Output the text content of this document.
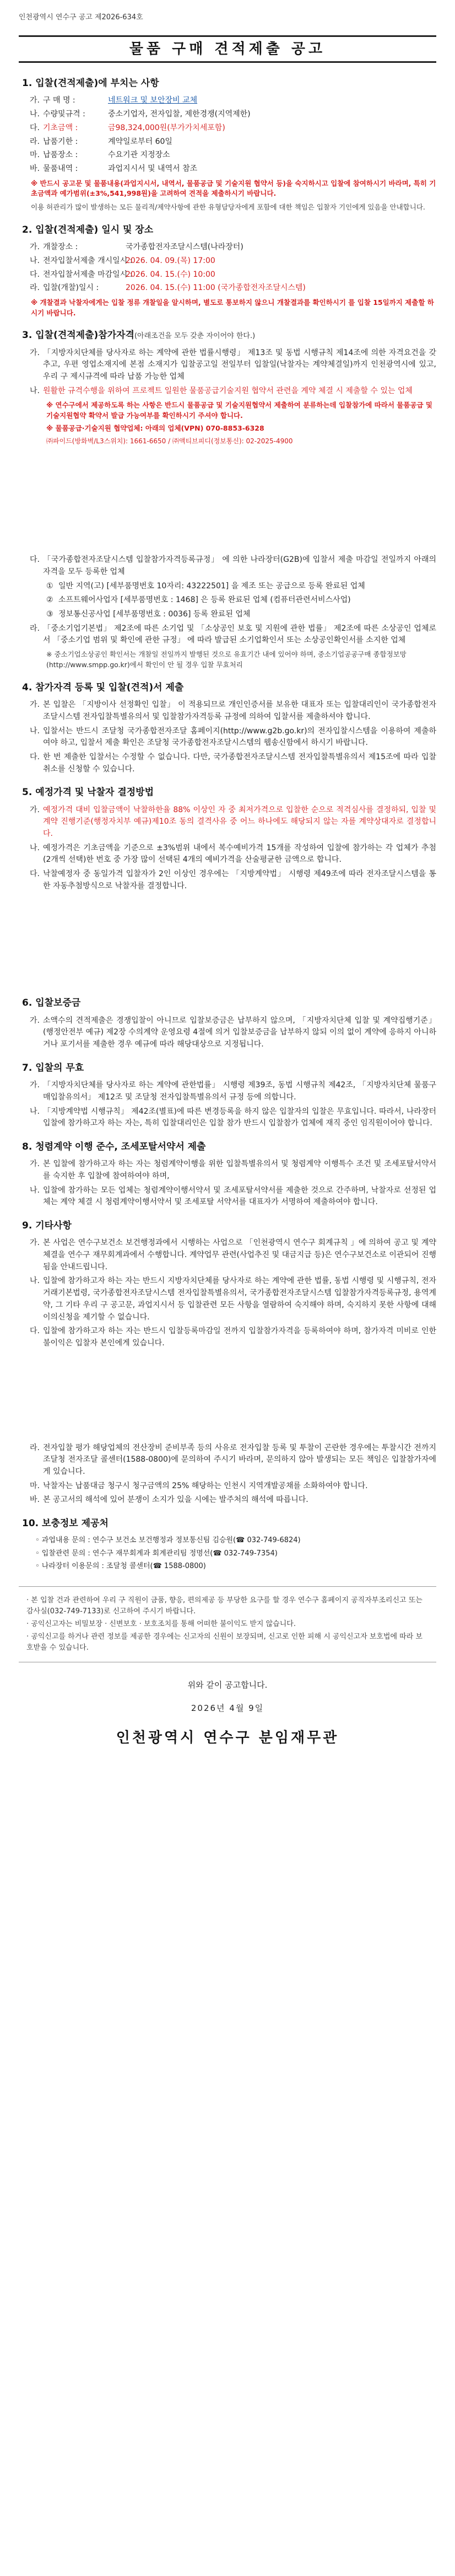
인천광역시 연수구 공고 제2026-634호
물품 구매 견적제출 공고
1. 입찰(견적제출)에 부치는 사항
가. 구 매 명 :	네트워크 및 보안장비 교체
나. 수량및규격 :	중소기업자, 전자입찰, 제한경쟁(지역제한)
다. 기초금액 :	금98,324,000원(부가가치세포함)
라. 납품기한 :	계약일로부터 60일
마. 납품장소 :	수요기관 지정장소
바. 물품내역 :	과업지시서 및 내역서 참조

※ 반드시 공고문 및 물품내용(과업지시서, 내역서, 물품공급 및 기술지원 협약서 등)을 숙지하시고 입찰에 참여하시기 바라며, 특히 기초금액과 예가범위(±3%,541,998원)을 고려하여 견적을 제출하시기 바랍니다.

이용 허관리가 많이 발생하는 모든 물리적/제약사항에 관한 유형담당자에게 포함에 대한 책임은 입찰자 기인에게 있음을 안내합니다.

2. 입찰(견적제출) 일시 및 장소
가. 개찰장소 :	국가종합전자조달시스템(나라장터)
나. 전자입찰서제출 개시일시 :
2026. 04. 09.(목) 17:00
다. 전자입찰서제출 마감일시 :
2026. 04. 15.(수) 10:00
라. 입찰(개찰)일시 :	2026. 04. 15.(수) 11:00 (국가종합전자조달시스템)

※ 개찰결과 낙찰자에게는 입찰 정류 개찰일을 알시하며, 별도로 통보하지 않으니 개찰결과를 확인하시기 를 입찰 15일까지 제출할 하시기 바랍니다.

3. 입찰(견적제출)참가자격(아래조건을 모두 갖춘 자이어야 한다.)
가. 「지방자치단체를 당사자로 하는 계약에 관한 법률시행령」 제13조 및 동법 시행규칙 제14조에 의한 자격요건을 갖추고, 우편 영업소재지에 본점 소재지가 입찰공고일 전일부터 입찰일(낙찰자는 계약체결일)까지 인천광역시에 있고, 우리 구 제시규격에 따라 납품 가능한 업체
나. 원활한 규격수행을 위하여 프로젝트 일원한 물품공급기술지원 협약서 관련을 계약 체결 시 제출할 수 있는 업체

※ 연수구에서 제공하도록 하는 사항은 반드시 물품공급 및 기술지원협약서 제출하여 분류하는데 입찰참가에 따라서 물품공급 및 기술지원협약 확약서 발급 가능여부를 확인하시기 주셔야 합니다.

※ 물품공급·기술지원 협약업체: 아래의 업체(VPN) 070-8853-6328

㈜파이드(방화벽/L3스위치): 1661-6650 / ㈜액티브피디(정보통신): 02-2025-4900

다. 「국가종합전자조달시스템 입찰참가자격등록규정」 에 의한 나라장터(G2B)에 입찰서 제출 마감일 전일까지 아래의 자격을 모두 등록한 업체
① 일반 지역(고) [세부품명번호 10자리: 43222501] 을 제조 또는 공급으로 등록 완료된 업체
② 소프트웨어사업자 [세부품명번호 : 1468] 은 등록 완료된 업체 (컴퓨터관련서비스사업)
③ 정보통신공사업 [세부품명번호 : 0036] 등록 완료된 업체
라. 「중소기업기본법」 제2조에 따른 소기업 및 「소상공인 보호 및 지원에 관한 법률」 제2조에 따른 소상공인 업체로서 「중소기업 범위 및 확인에 관한 규정」 에 따라 발급된 소기업확인서 또는 소상공인확인서를 소지한 업체

※ 중소기업소상공인 확인서는 개찰일 전일까지 발행된 것으로 유효기간 내에 있어야 하며, 중소기업공공구매 종합정보망(http://www.smpp.go.kr)에서 확인이 안 될 경우 입찰 무효처리

4. 참가자격 등록 및 입찰(견적)서 제출
가. 본 입찰은 「지방이사 선정확인 입찰」 이 적용되므로 개인인증서를 보유한 대표자 또는 입찰대리인이 국가종합전자조달시스템 전자입찰특별유의서 및 입찰참가자격등록 규정에 의하여 입찰서를 제출하셔야 합니다.
나. 입찰서는 반드시 조달청 국가종합전자조달 홈페이지(http://www.g2b.go.kr)의 전자입찰시스템을 이용하여 제출하여야 하고, 입찰서 제출 확인은 조달청 국가종합전자조달시스템의 웹송신함에서 하시기 바랍니다.
다. 한 번 제출한 입찰서는 수정할 수 없습니다. 다만, 국가종합전자조달시스템 전자입찰특별유의서 제15조에 따라 입찰취소를 신청할 수 있습니다.
5. 예정가격 및 낙찰자 결정방법
가. 예정가격 대비 입찰금액이 낙찰하한율 88% 이상인 자 중 최저가격으로 입찰한 순으로 적격심사를 결정하되, 입찰 및 계약 진행기준(행정자치부 예규)제10조 동의 결격사유 중 어느 하나에도 해당되지 않는 자를 계약상대자로 결정합니다.
나. 예정가격은 기초금액을 기준으로 ±3%범위 내에서 복수예비가격 15개를 작성하여 입찰에 참가하는 각 업체가 추첨(2개씩 선택)한 번호 중 가장 많이 선택된 4개의 예비가격을 산술평균한 금액으로 합니다.
다. 낙찰예정자 중 동일가격 입찰자가 2인 이상인 경우에는 「지방계약법」 시행령 제49조에 따라 전자조달시스템을 통한 자동추첨방식으로 낙찰자를 결정합니다.
6. 입찰보증금
가. 소액수의 견적제출은 경쟁입찰이 아니므로 입찰보증금은 납부하지 않으며, 「지방자치단체 입찰 및 계약집행기준」(행정안전부 예규) 제2장 수의계약 운영요령 4절에 의거 입찰보증금을 납부하지 않되 이의 없이 계약에 응하지 아니하거나 포기서를 제출한 경우 예규에 따라 해당대상으로 지정됩니다.
7. 입찰의 무효
가. 「지방자치단체를 당사자로 하는 계약에 관한법률」 시행령 제39조, 동법 시행규칙 제42조, 「지방자치단체 물품구매입찰유의서」 제12조 및 조달청 전자입찰특별유의서 규정 등에 의합니다.
나. 「지방계약법 시행규칙」 제42조(별표)에 따른 변경등록을 하지 않은 입찰자의 입찰은 무효입니다. 따라서, 나라장터 입찰에 참가하고자 하는 자는, 특히 입찰대리인은 입찰 참가 반드시 입찰참가 업체에 재직 중인 임직원이어야 합니다.
8. 청렴계약 이행 준수, 조세포탈서약서 제출
가. 본 입찰에 참가하고자 하는 자는 청렴계약이행을 위한 입찰특별유의서 및 청렴계약 이행특수 조건 및 조세포탈서약서를 숙지한 후 입찰에 참여하여야 하며,
나. 입찰에 참가하는 모든 업체는 청렴계약이행서약서 및 조세포탈서약서를 제출한 것으로 간주하며, 낙찰자로 선정된 업체는 계약 체결 시 청렴계약이행서약서 및 조세포탈 서약서를 대표자가 서명하여 제출하여야 합니다.
9. 기타사항
가. 본 사업은 연수구보건소 보건행정과에서 시행하는 사업으로 「인천광역시 연수구 회계규칙 」에 의하여 공고 및 계약체결을 연수구 재무회계과에서 수행합니다. 계약업무 관련(사업추진 및 대금지급 등)은 연수구보건소로 이관되어 진행됨을 안내드립니다.
나. 입찰에 참가하고자 하는 자는 반드시 지방자치단체를 당사자로 하는 계약에 관한 법률, 동법 시행령 및 시행규칙, 전자거래기본법령, 국가종합전자조달시스템 전자입찰특별유의서, 국가종합전자조달시스템 입찰참가자격등록규정, 용역계약, 그 기타 우리 구 공고문, 과업지시서 등 입찰관련 모든 사항을 열람하여 숙지해야 하며, 숙지하지 못한 사항에 대해 이의신청을 제기할 수 없습니다.
다. 입찰에 참가하고자 하는 자는 반드시 입찰등록마감일 전까지 입찰참가자격을 등록하여야 하며, 참가자격 미비로 인한 불이익은 입찰자 본인에게 있습니다.
라. 전자입찰 평가 해당업체의 전산장비 준비부족 등의 사유로 전자입찰 등록 및 투찰이 곤란한 경우에는 투찰시간 전까지 조달청 전자조달 콜센터(1588-0800)에 문의하여 주시기 바라며, 문의하지 않아 발생되는 모든 책임은 입찰참가자에게 있습니다.
마. 낙찰자는 납품대금 청구시 청구금액의 25% 해당하는 인천시 지역개발공채를 소화하여야 합니다.
바. 본 공고서의 해석에 있어 분쟁이 소지가 있을 시에는 발주처의 해석에 따릅니다.
10. 보충정보 제공처

◦ 과업내용 문의 : 연수구 보건소 보건행정과 정보통신팀 김승원(☎ 032-749-6824)

◦ 입찰관련 문의 : 연수구 재무회계과 회계관리팀 정명선(☎ 032-749-7354)

◦ 나라장터 이용문의 : 조달청 콜센터(☎ 1588-0800)

· 본 입찰 건과 관련하여 우리 구 직원이 금품, 향응, 편의제공 등 부당한 요구를 할 경우 연수구 홈페이지 공직자부조리신고 또는 감사실(032-749-7133)로 신고하여 주시기 바랍니다.

· 공익신고자는 비밀보장 · 신변보호 · 보호조치를 통해 어떠한 불이익도 받지 않습니다.

· 공익신고를 하거나 관련 정보를 제공한 경우에는 신고자의 신원이 보장되며, 신고로 인한 피해 시 공익신고자 보호법에 따라 보호받을 수 있습니다.

위와 같이 공고합니다.
2026년 4월 9일
인천광역시 연수구 분임재무관
